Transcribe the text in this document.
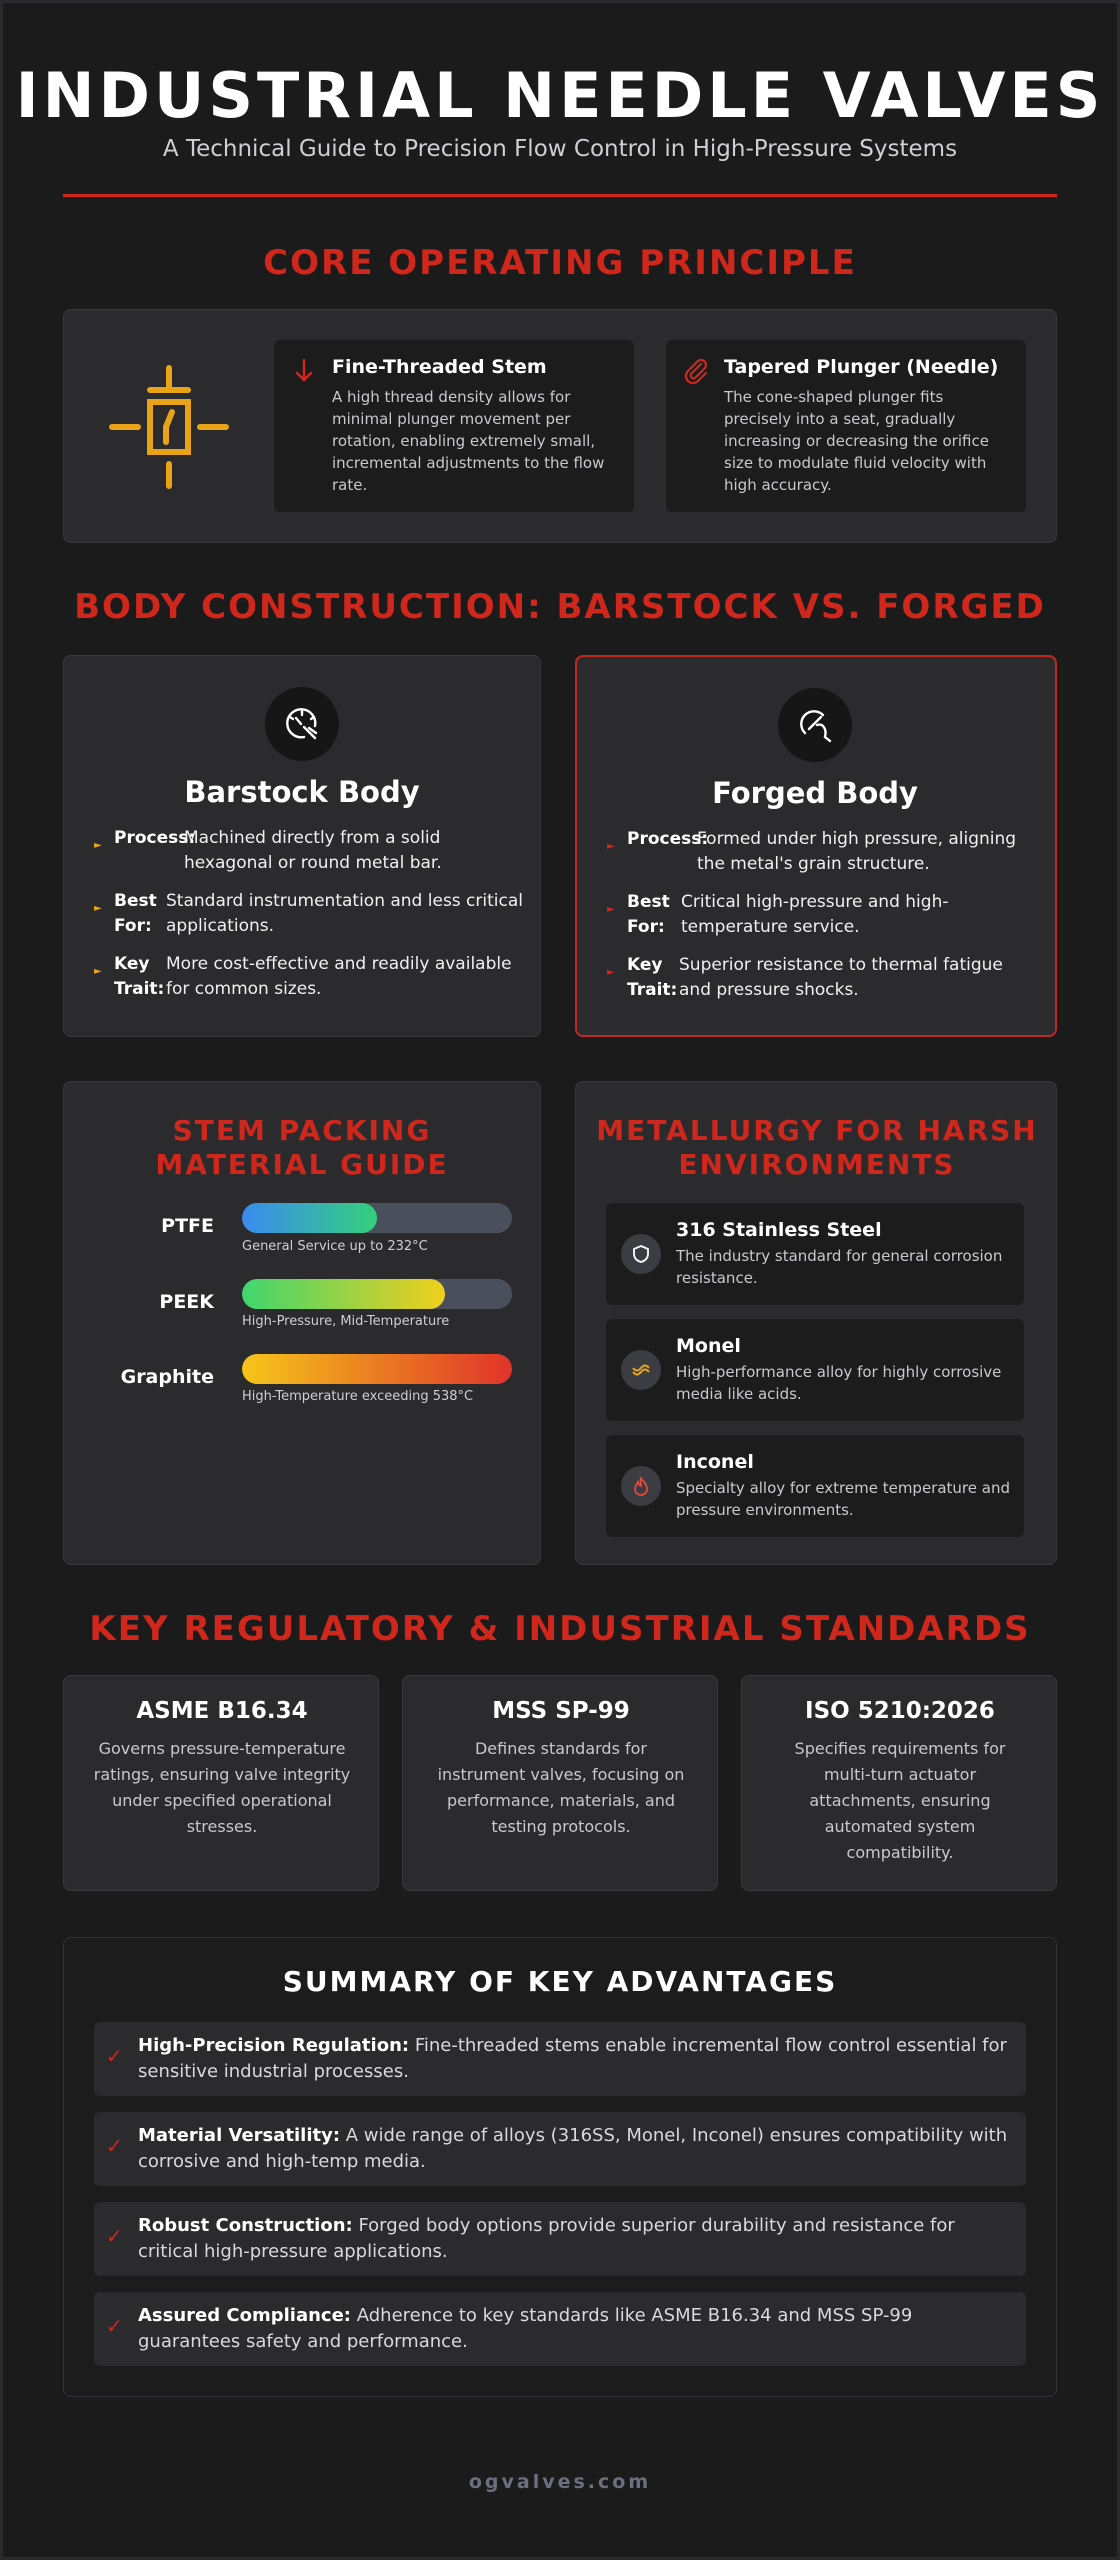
INDUSTRIAL NEEDLE VALVES
A Technical Guide to Precision Flow Control in High-Pressure Systems
CORE OPERATING PRINCIPLE
Fine-Threaded Stem
A high thread density allows for minimal plunger movement per rotation, enabling extremely small, incremental adjustments to the flow rate.
Tapered Plunger (Needle)
The cone-shaped plunger fits precisely into a seat, gradually increasing or decreasing the orifice size to modulate fluid velocity with high accuracy.
BODY CONSTRUCTION: BARSTOCK VS. FORGED
Barstock Body
► Process:
Machined directly from a solid hexagonal or round metal bar.
► Best For:
Standard instrumentation and less critical applications.
► Key Trait:
More cost-effective and readily available for common sizes.
Forged Body
► Process:
Formed under high pressure, aligning the metal's grain structure.
► Best For:
Critical high-pressure and high-temperature service.
► Key Trait:
Superior resistance to thermal fatigue and pressure shocks.
STEM PACKING MATERIAL GUIDE
PTFE
General Service up to 232°C
PEEK
High-Pressure, Mid-Temperature
Graphite
High-Temperature exceeding 538°C
METALLURGY FOR HARSH ENVIRONMENTS
316 Stainless Steel
The industry standard for general corrosion resistance.
Monel
High-performance alloy for highly corrosive media like acids.
Inconel
Specialty alloy for extreme temperature and pressure environments.
KEY REGULATORY & INDUSTRIAL STANDARDS
ASME B16.34
Governs pressure-temperature ratings, ensuring valve integrity under specified operational stresses.
MSS SP-99
Defines standards for instrument valves, focusing on performance, materials, and testing protocols.
ISO 5210:2026
Specifies requirements for multi-turn actuator attachments, ensuring automated system compatibility.
SUMMARY OF KEY ADVANTAGES
✓ High-Precision Regulation: Fine-threaded stems enable incremental flow control essential for sensitive industrial processes.
✓ Material Versatility: A wide range of alloys (316SS, Monel, Inconel) ensures compatibility with corrosive and high-temp media.
✓ Robust Construction: Forged body options provide superior durability and resistance for critical high-pressure applications.
✓ Assured Compliance: Adherence to key standards like ASME B16.34 and MSS SP-99 guarantees safety and performance.
ogvalves.com
